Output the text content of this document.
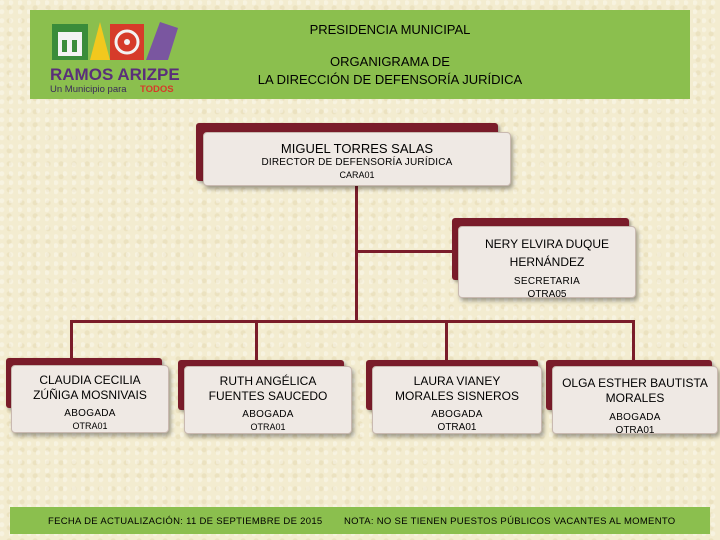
RAMOS ARIZPE
Un Municipio para TODOS
PRESIDENCIA MUNICIPAL
ORGANIGRAMA DE
LA DIRECCIÓN DE DEFENSORÍA JURÍDICA
MIGUEL TORRES SALAS
DIRECTOR DE DEFENSORÍA JURÍDICA
CARA01
NERY ELVIRA DUQUE
HERNÁNDEZ
SECRETARIA
OTRA05
CLAUDIA CECILIA
ZÚÑIGA MOSNIVAIS
ABOGADA
OTRA01
RUTH ANGÉLICA
FUENTES SAUCEDO
ABOGADA
OTRA01
LAURA VIANEY
MORALES SISNEROS
ABOGADA
OTRA01
OLGA ESTHER BAUTISTA
MORALES
ABOGADA
OTRA01
FECHA DE ACTUALIZACIÓN: 11 DE SEPTIEMBRE DE 2015 NOTA: NO SE TIENEN PUESTOS PÚBLICOS VACANTES AL MOMENTO
